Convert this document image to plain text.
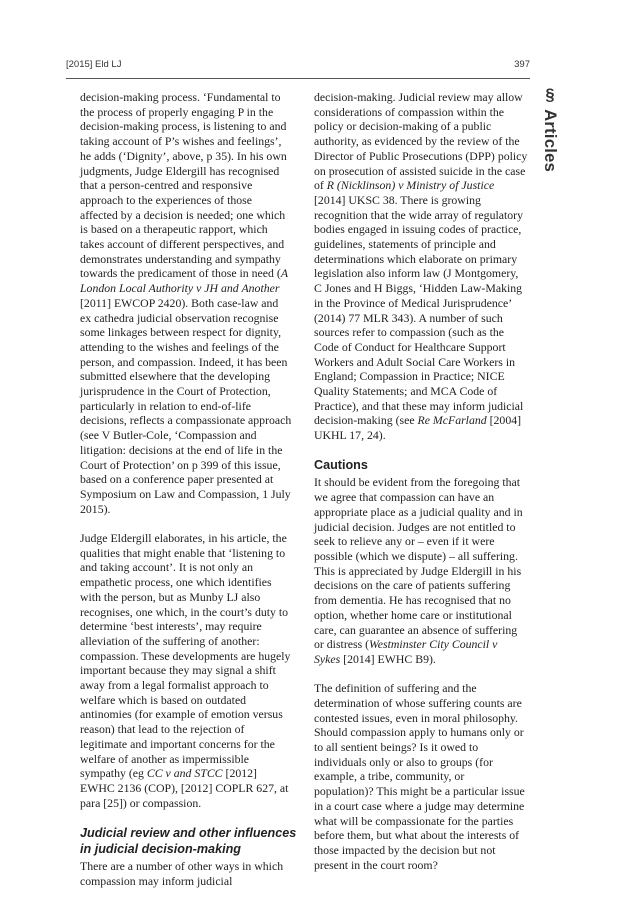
[2015] Eld LJ	397
§ Articles

decision-making process. ‘Fundamental to
the process of properly engaging P in the
decision-making process, is listening to and
taking account of P’s wishes and feelings’,
he adds (‘Dignity’, above, p 35). In his own
judgments, Judge Eldergill has recognised
that a person-centred and responsive
approach to the experiences of those
affected by a decision is needed; one which
is based on a therapeutic rapport, which
takes account of different perspectives, and
demonstrates understanding and sympathy
towards the predicament of those in need (A
London Local Authority v JH and Another
[2011] EWCOP 2420). Both case-law and
ex cathedra judicial observation recognise
some linkages between respect for dignity,
attending to the wishes and feelings of the
person, and compassion. Indeed, it has been
submitted elsewhere that the developing
jurisprudence in the Court of Protection,
particularly in relation to end-of-life
decisions, reflects a compassionate approach
(see V Butler-Cole, ‘Compassion and
litigation: decisions at the end of life in the
Court of Protection’ on p 399 of this issue,
based on a conference paper presented at
Symposium on Law and Compassion, 1 July
2015).

Judge Eldergill elaborates, in his article, the
qualities that might enable that ‘listening to
and taking account’. It is not only an
empathetic process, one which identifies
with the person, but as Munby LJ also
recognises, one which, in the court’s duty to
determine ‘best interests’, may require
alleviation of the suffering of another:
compassion. These developments are hugely
important because they may signal a shift
away from a legal formalist approach to
welfare which is based on outdated
antinomies (for example of emotion versus
reason) that lead to the rejection of
legitimate and important concerns for the
welfare of another as impermissible
sympathy (eg CC v and STCC [2012]
EWHC 2136 (COP), [2012] COPLR 627, at
para [25]) or compassion.

Judicial review and other influences
in judicial decision-making

There are a number of other ways in which
compassion may inform judicial

decision-making. Judicial review may allow
considerations of compassion within the
policy or decision-making of a public
authority, as evidenced by the review of the
Director of Public Prosecutions (DPP) policy
on prosecution of assisted suicide in the case
of R (Nicklinson) v Ministry of Justice
[2014] UKSC 38. There is growing
recognition that the wide array of regulatory
bodies engaged in issuing codes of practice,
guidelines, statements of principle and
determinations which elaborate on primary
legislation also inform law (J Montgomery,
C Jones and H Biggs, ‘Hidden Law-Making
in the Province of Medical Jurisprudence’
(2014) 77 MLR 343). A number of such
sources refer to compassion (such as the
Code of Conduct for Healthcare Support
Workers and Adult Social Care Workers in
England; Compassion in Practice; NICE
Quality Statements; and MCA Code of
Practice), and that these may inform judicial
decision-making (see Re McFarland [2004]
UKHL 17, 24).

Cautions

It should be evident from the foregoing that
we agree that compassion can have an
appropriate place as a judicial quality and in
judicial decision. Judges are not entitled to
seek to relieve any or – even if it were
possible (which we dispute) – all suffering.
This is appreciated by Judge Eldergill in his
decisions on the care of patients suffering
from dementia. He has recognised that no
option, whether home care or institutional
care, can guarantee an absence of suffering
or distress (Westminster City Council v
Sykes [2014] EWHC B9).

The definition of suffering and the
determination of whose suffering counts are
contested issues, even in moral philosophy.
Should compassion apply to humans only or
to all sentient beings? Is it owed to
individuals only or also to groups (for
example, a tribe, community, or
population)? This might be a particular issue
in a court case where a judge may determine
what will be compassionate for the parties
before them, but what about the interests of
those impacted by the decision but not
present in the court room?
